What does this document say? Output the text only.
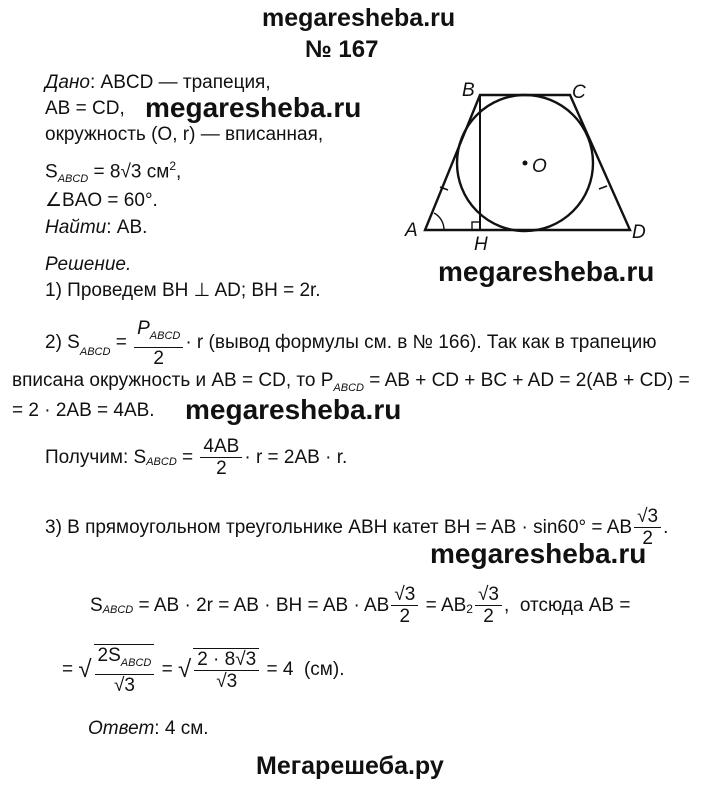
megaresheba.ru
№ 167
Дано: ABCD — трапеция,
AB = CD, megaresheba.ru
окружность (O, r) — вписанная,
$S_{ABCD} = 8√3$ $см^2$,
∠BAO = 60°.
Найти: AB.
B	C
O
A	D
H
Решение.	megaresheba.ru
1) Проведем BH ⊥ AD; BH = 2r.
2) $S_{ABCD} = \frac{P_{ABCD}}{2} \cdot r$ (вывод формулы см. в № 166). Так как в трапецию
вписана окружность и AB = CD, то $P_{ABCD}$ = AB + CD + BC + AD = 2(AB + CD) =
= 2 · 2AB = 4AB. megaresheba.ru
Получим: $S_{ABCD} = \frac{4AB}{2} \cdot r = 2AB \cdot r$.
3) В прямоугольном треугольнике ABH катет BH = AB · sin60° = AB $\frac{√3}{2}$ .
megaresheba.ru
$S_{ABCD}$ = AB · 2r = AB · BH = AB · AB $\frac{√3}{2}$ = AB $2 \frac{√3}{2}$ ,  отсюда AB =
= √ $\frac{2S_{ABCD}}{√3}$ = √ $\frac{2 \cdot 8√3}{√3} = 4$  (см).
Ответ: 4 см.
Мегарешеба.ру
